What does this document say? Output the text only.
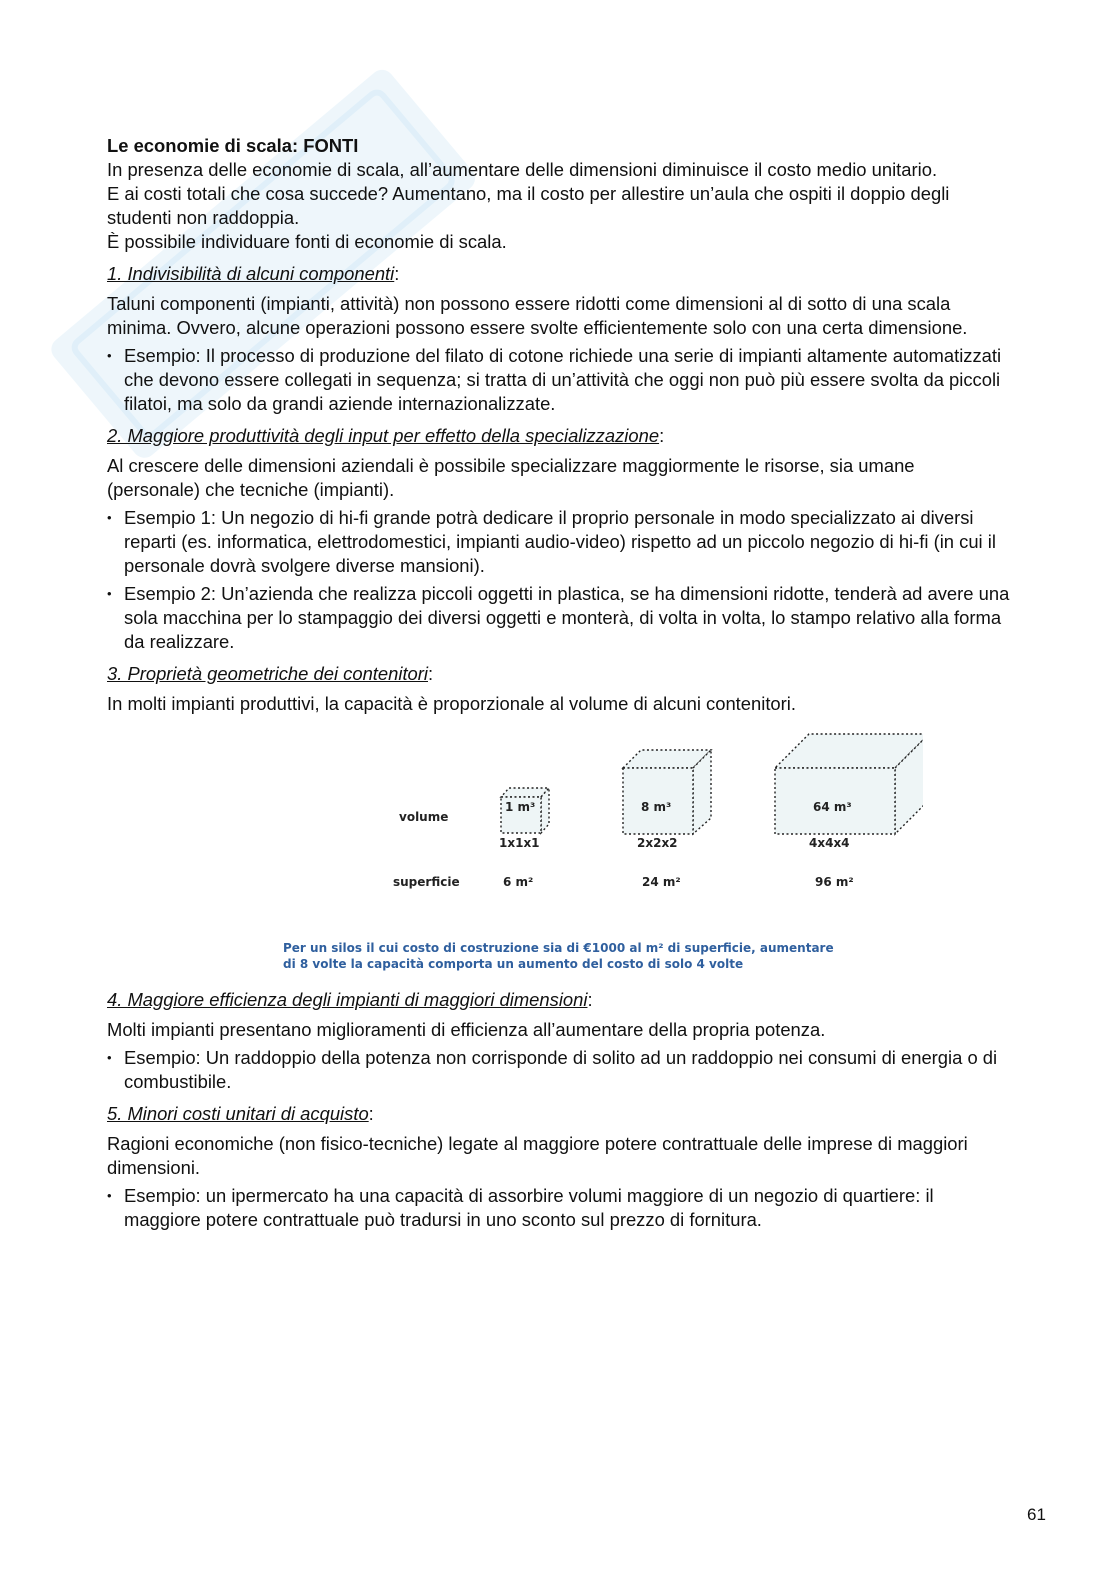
Le economie di scala: FONTI

In presenza delle economie di scala, all’aumentare delle dimensioni diminuisce il costo medio unitario.

E ai costi totali che cosa succede? Aumentano, ma il costo per allestire un’aula che ospiti il doppio degli studenti non raddoppia.

È possibile individuare fonti di economie di scala.

1. Indivisibilità di alcuni componenti:

Taluni componenti (impianti, attività) non possono essere ridotti come dimensioni al di sotto di una scala minima. Ovvero, alcune operazioni possono essere svolte efficientemente solo con una certa dimensione.

• Esempio: Il processo di produzione del filato di cotone richiede una serie di impianti altamente automatizzati che devono essere collegati in sequenza; si tratta di un’attività che oggi non può più essere svolta da piccoli filatoi, ma solo da grandi aziende internazionalizzate.

2. Maggiore produttività degli input per effetto della specializzazione:

Al crescere delle dimensioni aziendali è possibile specializzare maggiormente le risorse, sia umane (personale) che tecniche (impianti).

• Esempio 1: Un negozio di hi-fi grande potrà dedicare il proprio personale in modo specializzato ai diversi reparti (es. informatica, elettrodomestici, impianti audio-video) rispetto ad un piccolo negozio di hi-fi (in cui il personale dovrà svolgere diverse mansioni).
• Esempio 2: Un’azienda che realizza piccoli oggetti in plastica, se ha dimensioni ridotte, tenderà ad avere una sola macchina per lo stampaggio dei diversi oggetti e monterà, di volta in volta, lo stampo relativo alla forma da realizzare.

3. Proprietà geometriche dei contenitori:

In molti impianti produttivi, la capacità è proporzionale al volume di alcuni contenitori.

volume
superficie
1 m³
1x1x1
6 m²
8 m³
2x2x2
24 m²
64 m³
4x4x4
96 m²
Per un silos il cui costo di costruzione sia di €1000 al m² di superficie, aumentare di 8 volte la capacità comporta un aumento del costo di solo 4 volte

4. Maggiore efficienza degli impianti di maggiori dimensioni:

Molti impianti presentano miglioramenti di efficienza all’aumentare della propria potenza.

• Esempio: Un raddoppio della potenza non corrisponde di solito ad un raddoppio nei consumi di energia o di combustibile.

5. Minori costi unitari di acquisto:

Ragioni economiche (non fisico-tecniche) legate al maggiore potere contrattuale delle imprese di maggiori dimensioni.

• Esempio: un ipermercato ha una capacità di assorbire volumi maggiore di un negozio di quartiere: il maggiore potere contrattuale può tradursi in uno sconto sul prezzo di fornitura.
61
